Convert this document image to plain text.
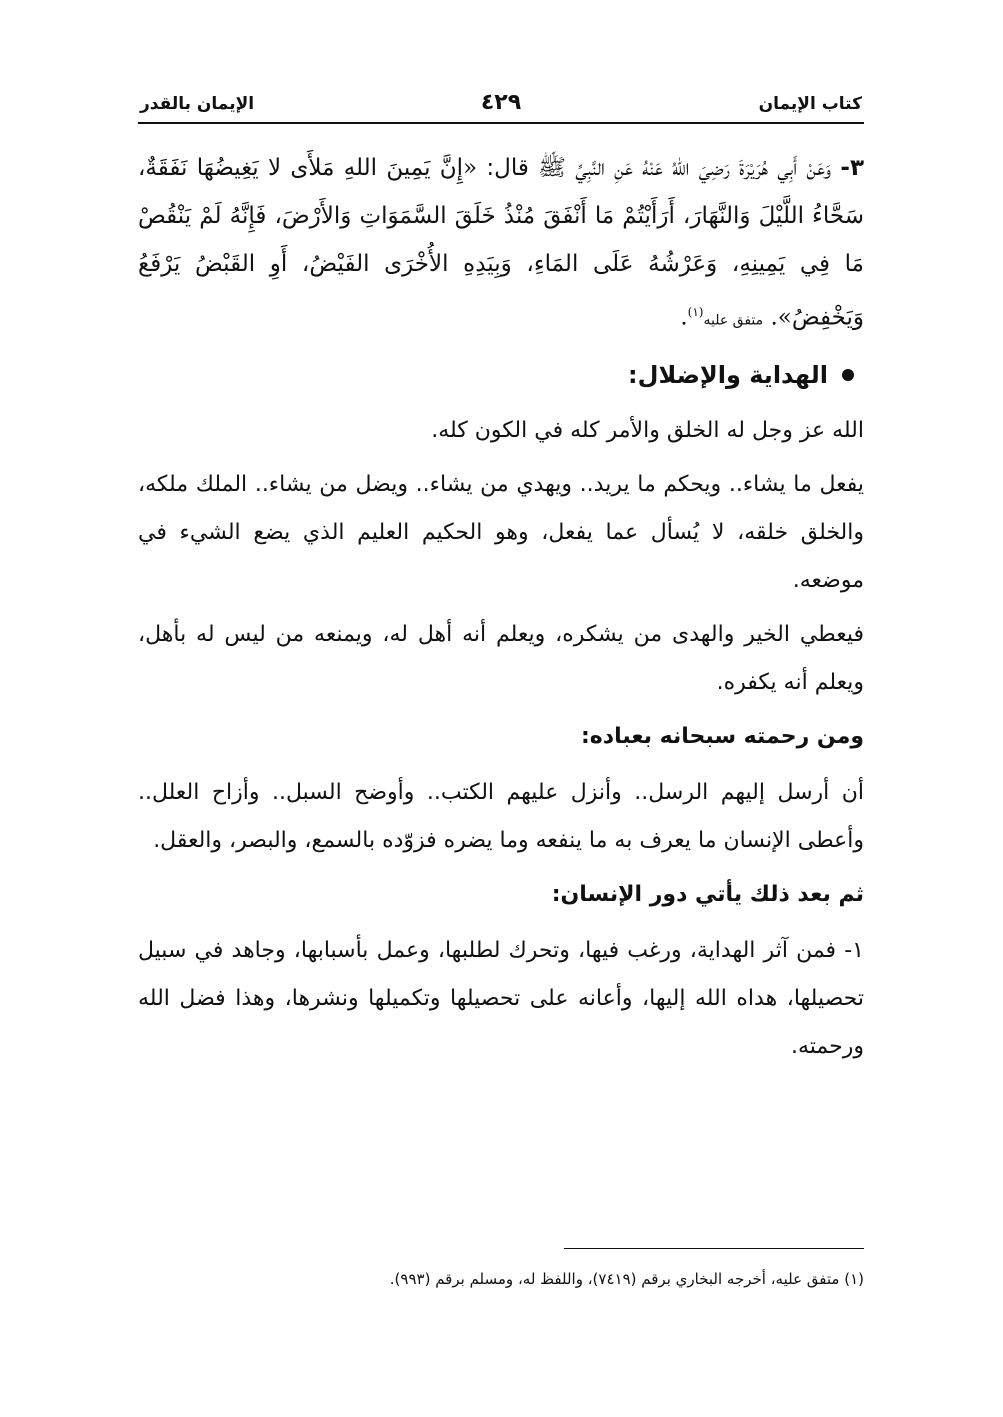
كتاب الإيمان
٤٢٩
الإيمان بالقدر

٣- وَعَنْ أَبِي هُرَيْرَةَ رَضِيَ اللهُ عَنْهُ عَنِ النَّبِيِّ ﷺ قال: «إِنَّ يَمِينَ اللهِ مَلأَى لا يَغِيضُهَا نَفَقَةٌ، سَحَّاءُ اللَّيْلَ وَالنَّهَارَ، أَرَأَيْتُمْ مَا أَنْفَقَ مُنْذُ خَلَقَ السَّمَوَاتِ وَالأَرْضَ، فَإِنَّهُ لَمْ يَنْقُصْ مَا فِي يَمِينِهِ، وَعَرْشُهُ عَلَى المَاءِ، وَبِيَدِهِ الأُخْرَى الفَيْضُ، أَوِ القَبْضُ يَرْفَعُ وَيَخْفِضُ». متفق عليه$^{(١)}$.

الهداية والإضلال:

الله عز وجل له الخلق والأمر كله في الكون كله.

يفعل ما يشاء.. ويحكم ما يريد.. ويهدي من يشاء.. ويضل من يشاء.. الملك ملكه، والخلق خلقه، لا يُسأل عما يفعل، وهو الحكيم العليم الذي يضع الشيء في موضعه.

فيعطي الخير والهدى من يشكره، ويعلم أنه أهل له، ويمنعه من ليس له بأهل، ويعلم أنه يكفره.

ومن رحمته سبحانه بعباده:

أن أرسل إليهم الرسل.. وأنزل عليهم الكتب.. وأوضح السبل.. وأزاح العلل.. وأعطى الإنسان ما يعرف به ما ينفعه وما يضره فزوّده بالسمع، والبصر، والعقل.

ثم بعد ذلك يأتي دور الإنسان:

١- فمن آثر الهداية، ورغب فيها، وتحرك لطلبها، وعمل بأسبابها، وجاهد في سبيل تحصيلها، هداه الله إليها، وأعانه على تحصيلها وتكميلها ونشرها، وهذا فضل الله ورحمته.

(١) متفق عليه، أخرجه البخاري برقم (٧٤١٩)، واللفظ له، ومسلم برقم (٩٩٣).
